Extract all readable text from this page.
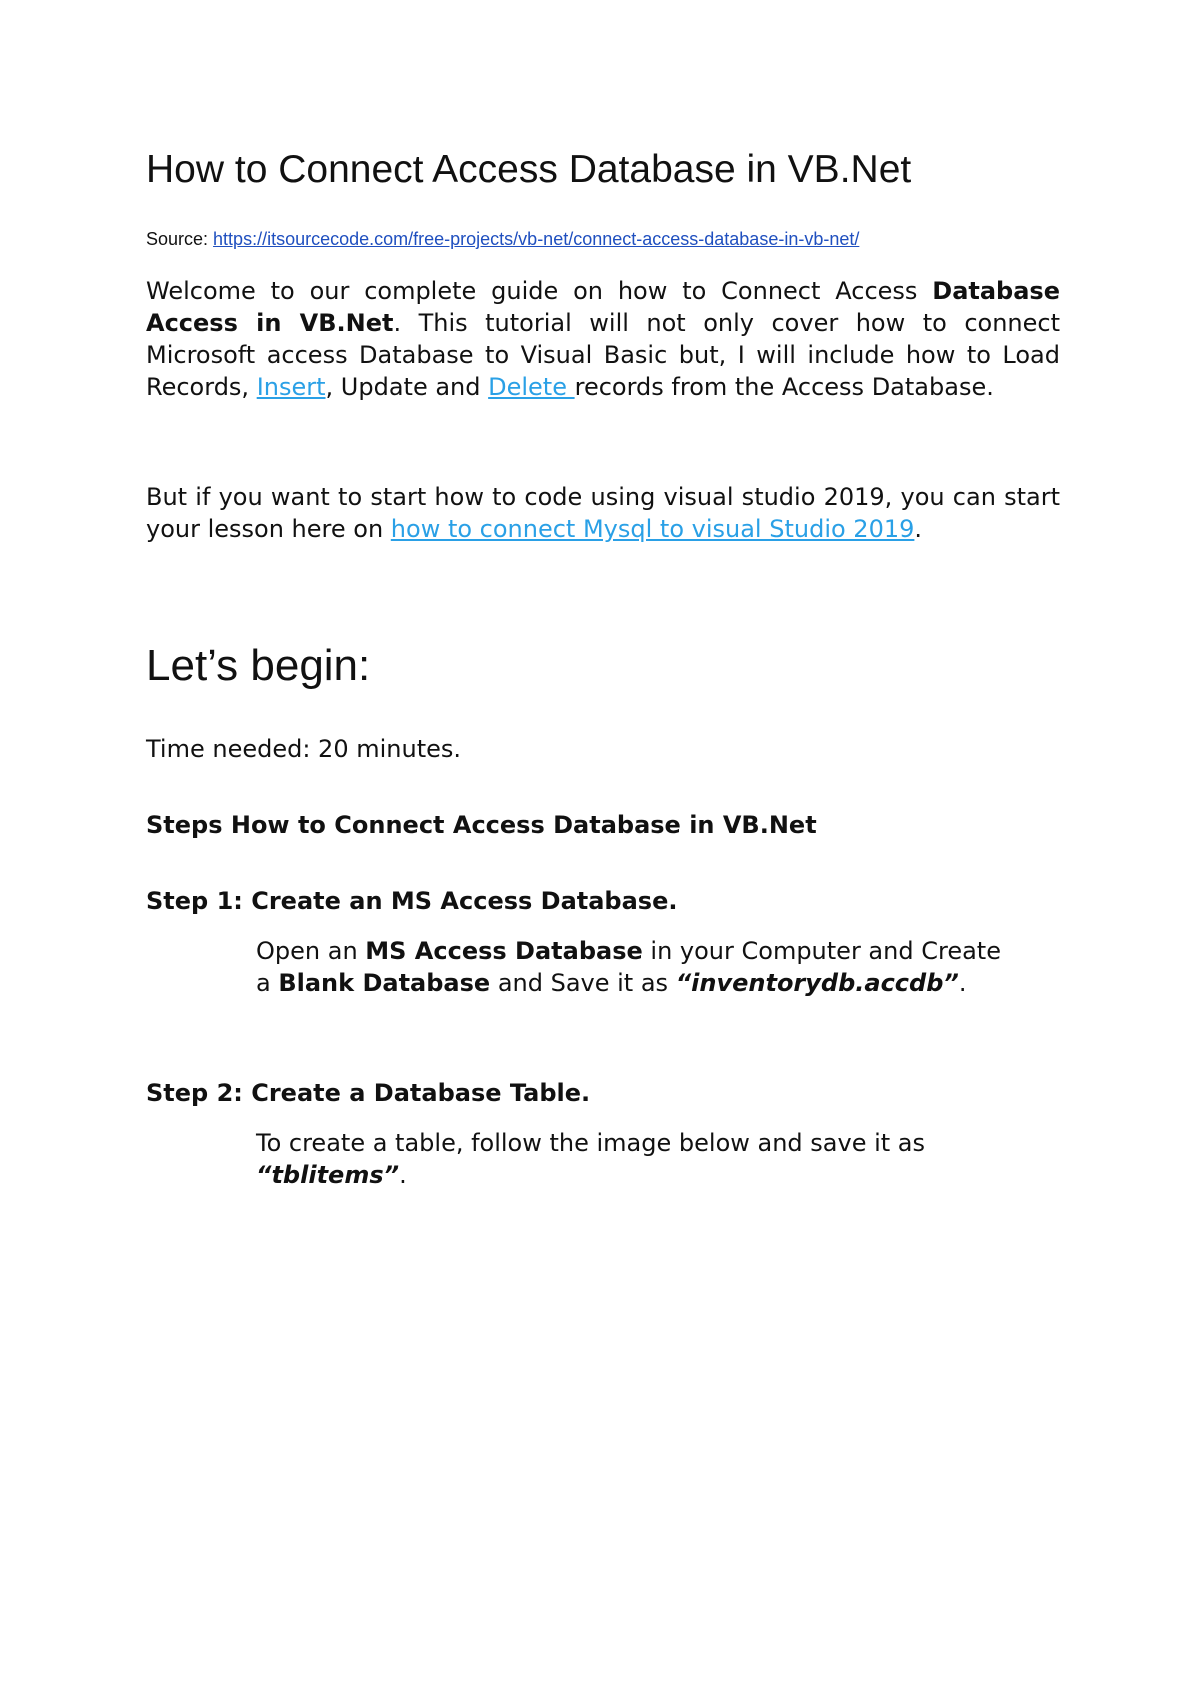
How to Connect Access Database in VB.Net
Source: https://itsourcecode.com/free-projects/vb-net/connect-access-database-in-vb-net/

Welcome to our complete guide on how to Connect Access Database Access in VB.Net. This tutorial will not only cover how to connect Microsoft access Database to Visual Basic but, I will include how to Load Records, Insert, Update and Delete records from the Access Database.

But if you want to start how to code using visual studio 2019, you can start your lesson here on how to connect Mysql to visual Studio 2019.

Let’s begin:
Time needed: 20 minutes.
Steps How to Connect Access Database in VB.Net
Step 1: Create an MS Access Database.

Open an MS Access Database in your Computer and Create a Blank Database and Save it as “inventorydb.accdb”.

Step 2: Create a Database Table.

To create a table, follow the image below and save it as “tblitems”.
